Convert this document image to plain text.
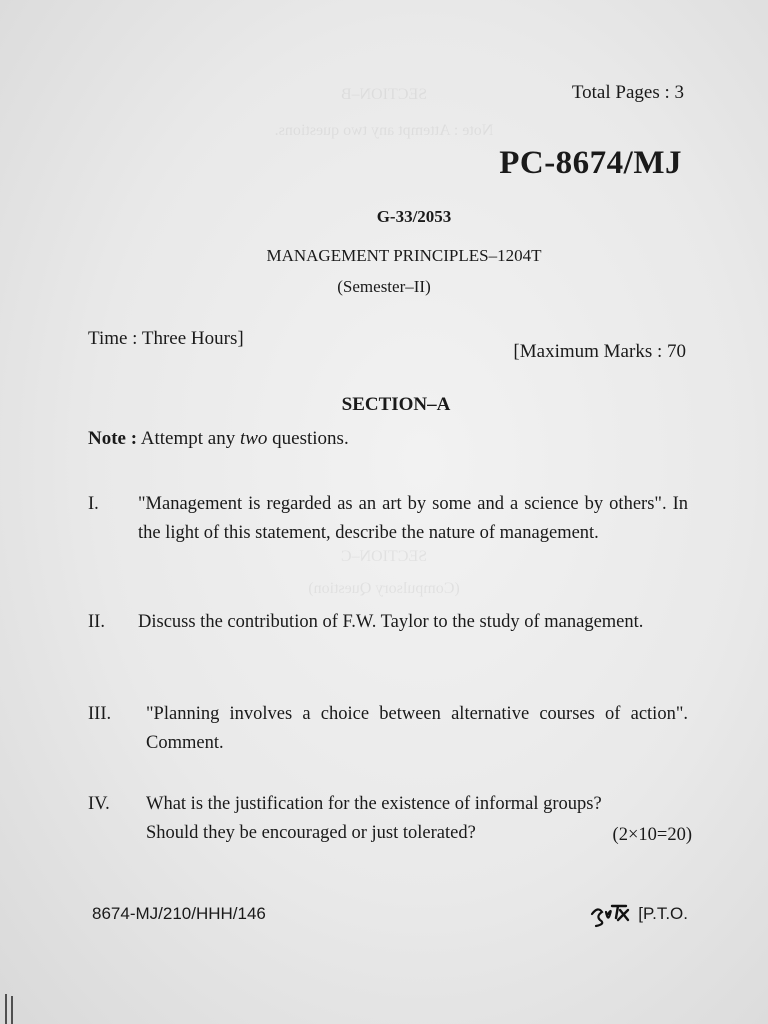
Total Pages : 3
PC-8674/MJ
G-33/2053
MANAGEMENT PRINCIPLES–1204T
(Semester–II)
Time : Three Hours]
[Maximum Marks : 70
SECTION–A
Note : Attempt any two questions.
I. "Management is regarded as an art by some and a science by others". In the light of this statement, describe the nature of management.
II. Discuss the contribution of F.W. Taylor to the study of management.
III. "Planning involves a choice between alternative courses of action". Comment.
IV. What is the justification for the existence of informal groups? Should they be encouraged or just tolerated?	(2×10=20)
8674-MJ/210/HHH/146	[P.T.O.
